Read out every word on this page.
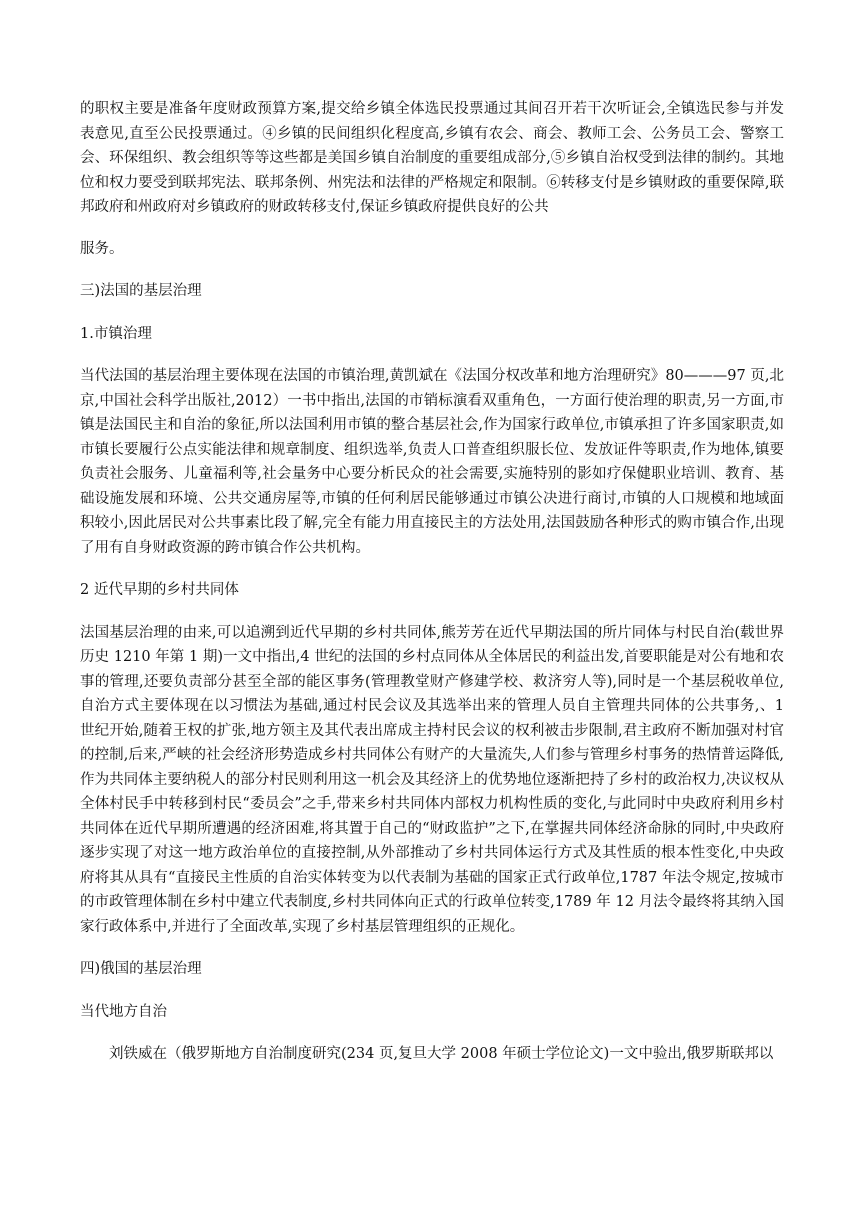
的职权主要是准备年度财政预算方案,提交给乡镇全体选民投票通过其间召开若干次听证会,全镇选民参与并发表意见,直至公民投票通过。④乡镇的民间组织化程度高,乡镇有农会、商会、教师工会、公务员工会、警察工会、环保组织、教会组织等等这些都是美国乡镇自治制度的重要组成部分,⑤乡镇自治权受到法律的制约。其地位和权力要受到联邦宪法、联邦条例、州宪法和法律的严格规定和限制。⑥转移支付是乡镇财政的重要保障,联邦政府和州政府对乡镇政府的财政转移支付,保证乡镇政府提供良好的公共

服务。

三)法国的基层治理

1.市镇治理

当代法国的基层治理主要体现在法国的市镇治理,黄凯斌在《法国分权改革和地方治理研究》80———97 页,北京,中国社会科学出版社,2012）一书中指出,法国的市销标演看双重角色，一方面行使治理的职责,另一方面,市镇是法国民主和自治的象征,所以法国利用市镇的整合基层社会,作为国家行政单位,市镇承担了许多国家职责,如市镇长要履行公点实能法律和规章制度、组织选举,负责人口普查组织服长位、发放证件等职责,作为地体,镇要负责社会服务、儿童福利等,社会量务中心要分析民众的社会需要,实施特别的影如疗保健职业培训、教育、基础设施发展和环境、公共交通房屋等,市镇的任何利居民能够通过市镇公决进行商讨,市镇的人口规模和地域面积较小,因此居民对公共事素比段了解,完全有能力用直接民主的方法处用,法国鼓励各种形式的购市镇合作,出现了用有自身财政资源的跨市镇合作公共机构。

2 近代早期的乡村共同体

法国基层治理的由来,可以追溯到近代早期的乡村共同体,熊芳芳在近代早期法国的所片同体与村民自治(载世界历史 1210 年第 1 期)一文中指出,4 世纪的法国的乡村点同体从全体居民的利益出发,首要职能是对公有地和农事的管理,还要负责部分甚至全部的能区事务(管理教堂财产修建学校、救济穷人等),同时是一个基层税收单位,自治方式主要体现在以习惯法为基础,通过村民会议及其选举出来的管理人员自主管理共同体的公共事务,、1 世纪开始,随着王权的扩张,地方领主及其代表出席成主持村民会议的权利被击步限制,君主政府不断加强对村官的控制,后来,严峡的社会经济形势造成乡村共同体公有财产的大量流失,人们参与管理乡村事务的热情普运降低,作为共同体主要纳税人的部分村民则利用这一机会及其经济上的优势地位逐渐把持了乡村的政治权力,决议权从全体村民手中转移到村民“委员会”之手,带来乡村共同体内部权力机构性质的变化,与此同时中央政府利用乡村共同体在近代早期所遭遇的经济困难,将其置于自己的“财政监护”之下,在掌握共同体经济命脉的同时,中央政府逐步实现了对这一地方政治单位的直接控制,从外部推动了乡村共同体运行方式及其性质的根本性变化,中央政府将其从具有“直接民主性质的自治实体转变为以代表制为基础的国家正式行政单位,1787 年法令规定,按城市的市政管理体制在乡村中建立代表制度,乡村共同体向正式的行政单位转变,1789 年 12 月法令最终将其纳入国家行政体系中,并进行了全面改革,实现了乡村基层管理组织的正规化。

四)俄国的基层治理

当代地方自治

刘铁威在（俄罗斯地方自治制度研究(234 页,复旦大学 2008 年硕士学位论文)一文中验出,俄罗斯联邦以
